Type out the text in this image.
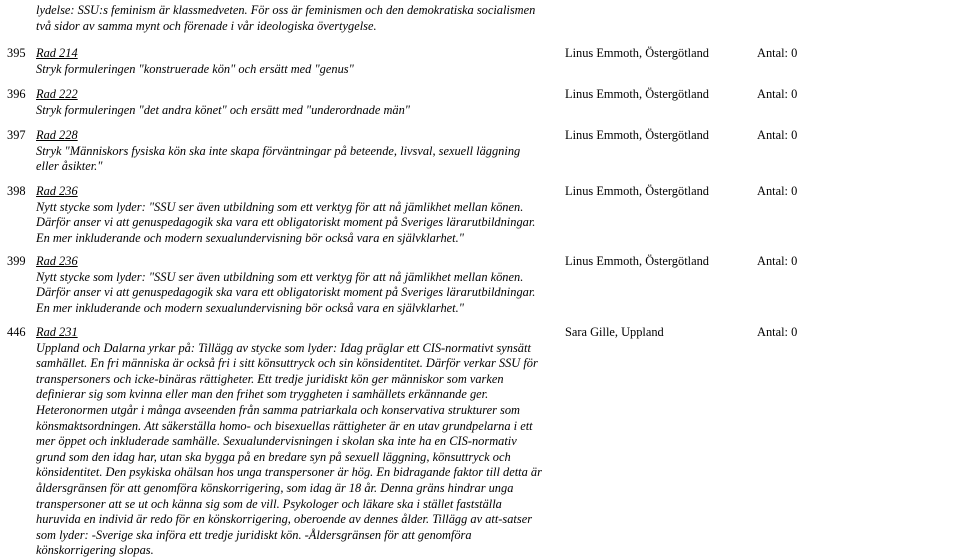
lydelse: SSU:s feminism är klassmedveten. För oss är feminismen och den demokratiska socialismen
två sidor av samma mynt och förenade i vår ideologiska övertygelse.
395 Rad 214	Linus Emmoth, Östergötland	Antal: 0

Stryk formuleringen "konstruerade kön" och ersätt med "genus"

396 Rad 222	Linus Emmoth, Östergötland	Antal: 0

Stryk formuleringen "det andra könet" och ersätt med "underordnade män"

397 Rad 228	Linus Emmoth, Östergötland	Antal: 0

Stryk "Människors fysiska kön ska inte skapa förväntningar på beteende, livsval, sexuell läggning

eller åsikter."

398 Rad 236	Linus Emmoth, Östergötland	Antal: 0

Nytt stycke som lyder: "SSU ser även utbildning som ett verktyg för att nå jämlikhet mellan könen.

Därför anser vi att genuspedagogik ska vara ett obligatoriskt moment på Sveriges lärarutbildningar.

En mer inkluderande och modern sexualundervisning bör också vara en självklarhet."

399 Rad 236	Linus Emmoth, Östergötland	Antal: 0

Nytt stycke som lyder: "SSU ser även utbildning som ett verktyg för att nå jämlikhet mellan könen.

Därför anser vi att genuspedagogik ska vara ett obligatoriskt moment på Sveriges lärarutbildningar.

En mer inkluderande och modern sexualundervisning bör också vara en självklarhet."

446 Rad 231	Sara Gille, Uppland	Antal: 0

Uppland och Dalarna yrkar på: Tillägg av stycke som lyder: Idag präglar ett CIS-normativt synsätt

samhället. En fri människa är också fri i sitt könsuttryck och sin könsidentitet. Därför verkar SSU för

transpersoners och icke-binäras rättigheter. Ett tredje juridiskt kön ger människor som varken

definierar sig som kvinna eller man den frihet som tryggheten i samhällets erkännande ger.

Heteronormen utgår i många avseenden från samma patriarkala och konservativa strukturer som

könsmaktsordningen. Att säkerställa homo- och bisexuellas rättigheter är en utav grundpelarna i ett

mer öppet och inkluderade samhälle. Sexualundervisningen i skolan ska inte ha en CIS-normativ

grund som den idag har, utan ska bygga på en bredare syn på sexuell läggning, könsuttryck och

könsidentitet. Den psykiska ohälsan hos unga transpersoner är hög. En bidragande faktor till detta är

åldersgränsen för att genomföra könskorrigering, som idag är 18 år. Denna gräns hindrar unga

transpersoner att se ut och känna sig som de vill. Psykologer och läkare ska i stället fastställa

huruvida en individ är redo för en könskorrigering, oberoende av dennes ålder. Tillägg av att-satser

som lyder: -Sverige ska införa ett tredje juridiskt kön. -Åldersgränsen för att genomföra

könskorrigering slopas.
